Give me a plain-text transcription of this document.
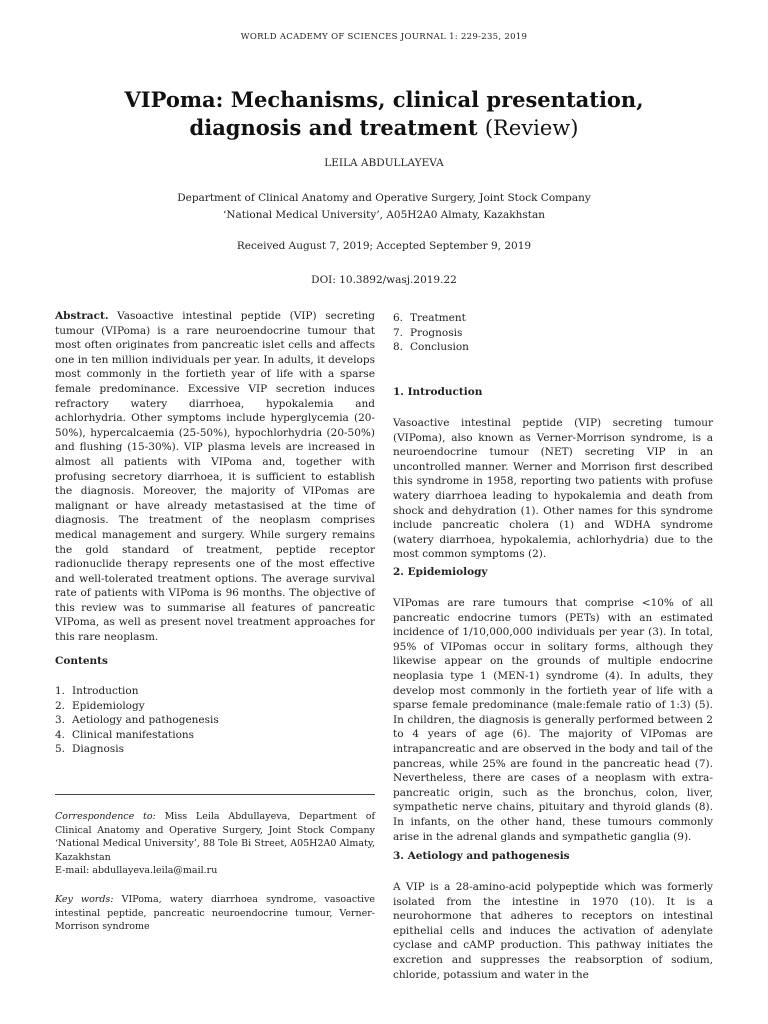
WORLD ACADEMY OF SCIENCES JOURNAL 1: 229-235, 2019
VIPoma: Mechanisms, clinical presentation, diagnosis and treatment (Review)
LEILA ABDULLAYEVA
Department of Clinical Anatomy and Operative Surgery, Joint Stock Company
‘National Medical University’, A05H2A0 Almaty, Kazakhstan
Received August 7, 2019; Accepted September 9, 2019
DOI: 10.3892/wasj.2019.22

Abstract. Vasoactive intestinal peptide (VIP) secreting tumour (VIPoma) is a rare neuroendocrine tumour that most often originates from pancreatic islet cells and affects one in ten million individuals per year. In adults, it develops most commonly in the fortieth year of life with a sparse female predominance. Excessive VIP secretion induces refractory watery diarrhoea, hypokalemia and achlorhydria. Other symptoms include hyperglycemia (20-50%), hypercalcaemia (25-50%), hypochlorhydria (20-50%) and flushing (15-30%). VIP plasma levels are increased in almost all patients with VIPoma and, together with profusing secretory diarrhoea, it is sufficient to establish the diagnosis. Moreover, the majority of VIPomas are malignant or have already metastasised at the time of diagnosis. The treatment of the neoplasm comprises medical management and surgery. While surgery remains the gold standard of treatment, peptide receptor radionuclide therapy represents one of the most effective and well-tolerated treatment options. The average survival rate of patients with VIPoma is 96 months. The objective of this review was to summarise all features of pancreatic VIPoma, as well as present novel treatment approaches for this rare neoplasm.

Contents
1. Introduction
2. Epidemiology
3. Aetiology and pathogenesis
4. Clinical manifestations
5. Diagnosis
6. Treatment
7. Prognosis
8. Conclusion
Correspondence to: Miss Leila Abdullayeva, Department of Clinical Anatomy and Operative Surgery, Joint Stock Company ‘National Medical University’, 88 Tole Bi Street, A05H2A0 Almaty, Kazakhstan
E-mail: abdullayeva.leila@mail.ru
Key words: VIPoma, watery diarrhoea syndrome, vasoactive intestinal peptide, pancreatic neuroendocrine tumour, Verner-Morrison syndrome
1. Introduction

Vasoactive intestinal peptide (VIP) secreting tumour (VIPoma), also known as Verner-Morrison syndrome, is a neuroendocrine tumour (NET) secreting VIP in an uncontrolled manner. Werner and Morrison first described this syndrome in 1958, reporting two patients with profuse watery diarrhoea leading to hypokalemia and death from shock and dehydration (1). Other names for this syndrome include pancreatic cholera (1) and WDHA syndrome (watery diarrhoea, hypokalemia, achlorhydria) due to the most common symptoms (2).

2. Epidemiology

VIPomas are rare tumours that comprise <10% of all pancreatic endocrine tumors (PETs) with an estimated incidence of 1/10,000,000 individuals per year (3). In total, 95% of VIPomas occur in solitary forms, although they likewise appear on the grounds of multiple endocrine neoplasia type 1 (MEN-1) syndrome (4). In adults, they develop most commonly in the fortieth year of life with a sparse female predominance (male:female ratio of 1:3) (5). In children, the diagnosis is generally performed between 2 to 4 years of age (6). The majority of VIPomas are intrapancreatic and are observed in the body and tail of the pancreas, while 25% are found in the pancreatic head (7). Nevertheless, there are cases of a neoplasm with extra-pancreatic origin, such as the bronchus, colon, liver, sympathetic nerve chains, pituitary and thyroid glands (8). In infants, on the other hand, these tumours commonly arise in the adrenal glands and sympathetic ganglia (9).

3. Aetiology and pathogenesis

A VIP is a 28-amino-acid polypeptide which was formerly isolated from the intestine in 1970 (10). It is a neurohormone that adheres to receptors on intestinal epithelial cells and induces the activation of adenylate cyclase and cAMP production. This pathway initiates the excretion and suppresses the reabsorption of sodium, chloride, potassium and water in the
